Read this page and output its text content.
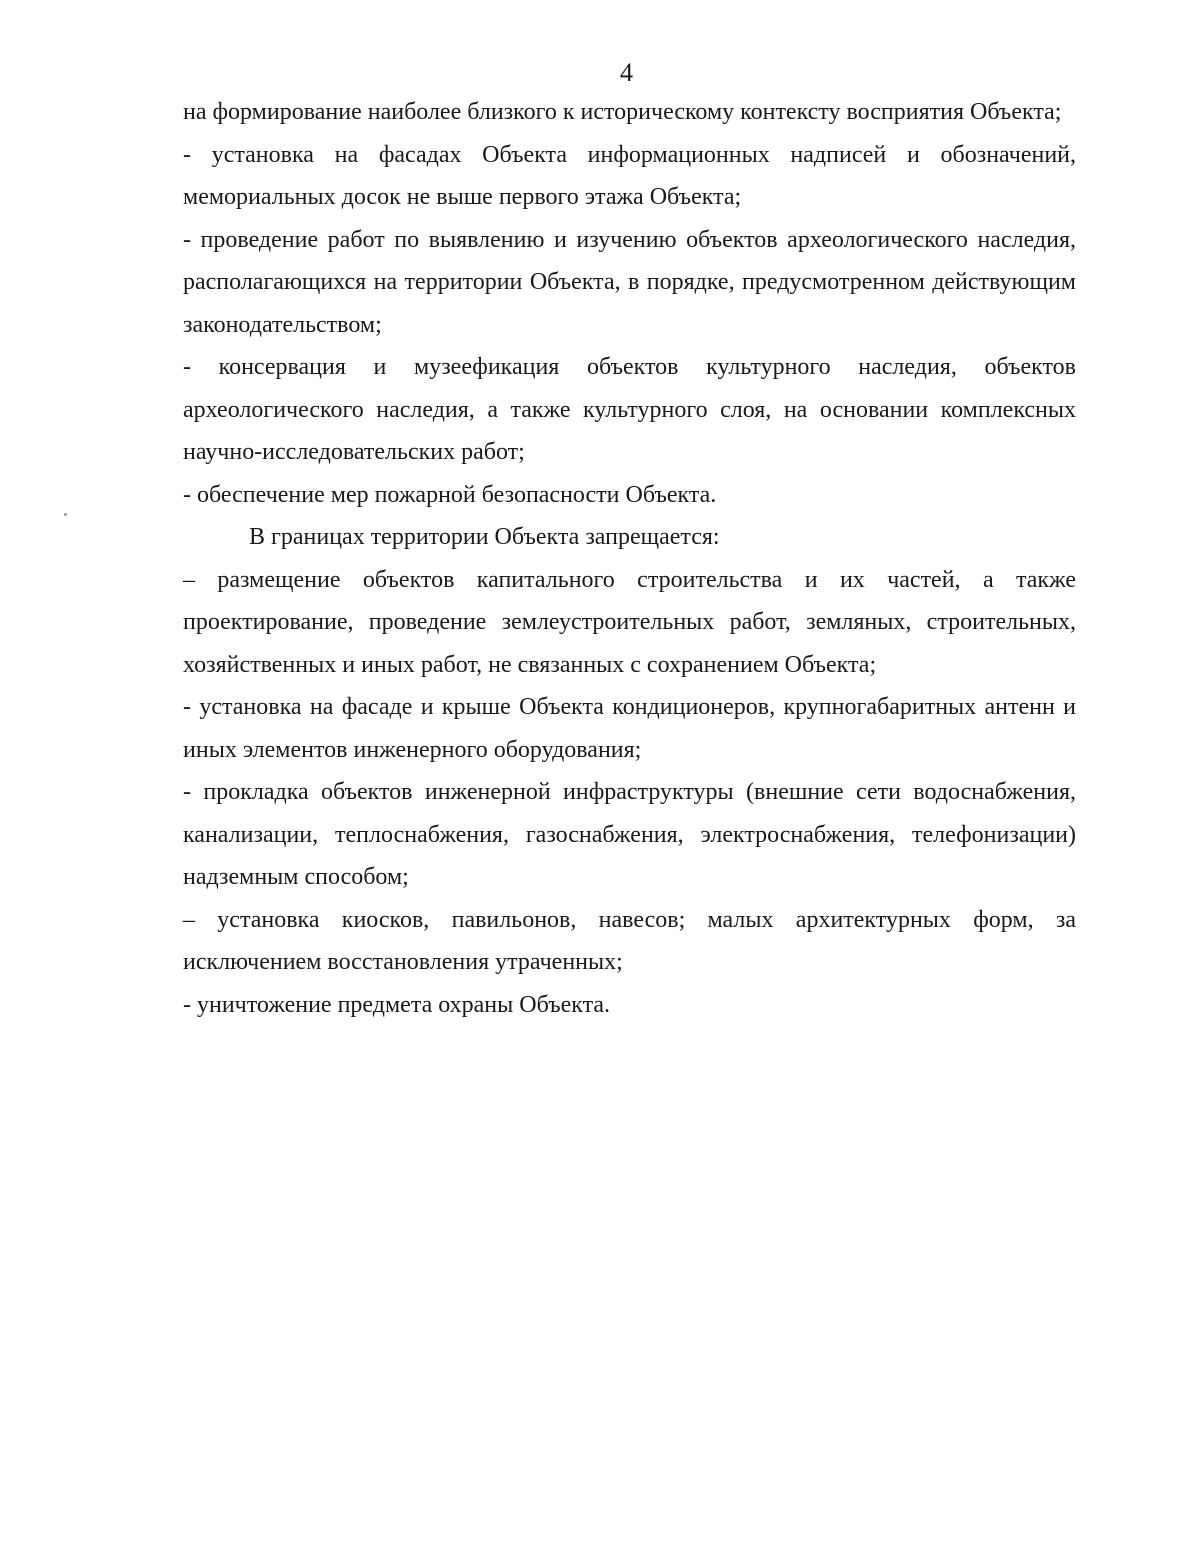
4

на формирование наиболее близкого к историческому контексту восприятия Объекта;

- установка на фасадах Объекта информационных надписей и обозначений, мемориальных досок не выше первого этажа Объекта;

- проведение работ по выявлению и изучению объектов археологического наследия, располагающихся на территории Объекта, в порядке, предусмотренном действующим законодательством;

- консервация и музеефикация объектов культурного наследия, объектов археологического наследия, а также культурного слоя, на основании комплексных научно-исследовательских работ;

- обеспечение мер пожарной безопасности Объекта.

В границах территории Объекта запрещается:

– размещение объектов капитального строительства и их частей, а также проектирование, проведение землеустроительных работ, земляных, строительных, хозяйственных и иных работ, не связанных с сохранением Объекта;

- установка на фасаде и крыше Объекта кондиционеров, крупногабаритных антенн и иных элементов инженерного оборудования;

- прокладка объектов инженерной инфраструктуры (внешние сети водоснабжения, канализации, теплоснабжения, газоснабжения, электроснабжения, телефонизации) надземным способом;

– установка киосков, павильонов, навесов; малых архитектурных форм, за исключением восстановления утраченных;

- уничтожение предмета охраны Объекта.
